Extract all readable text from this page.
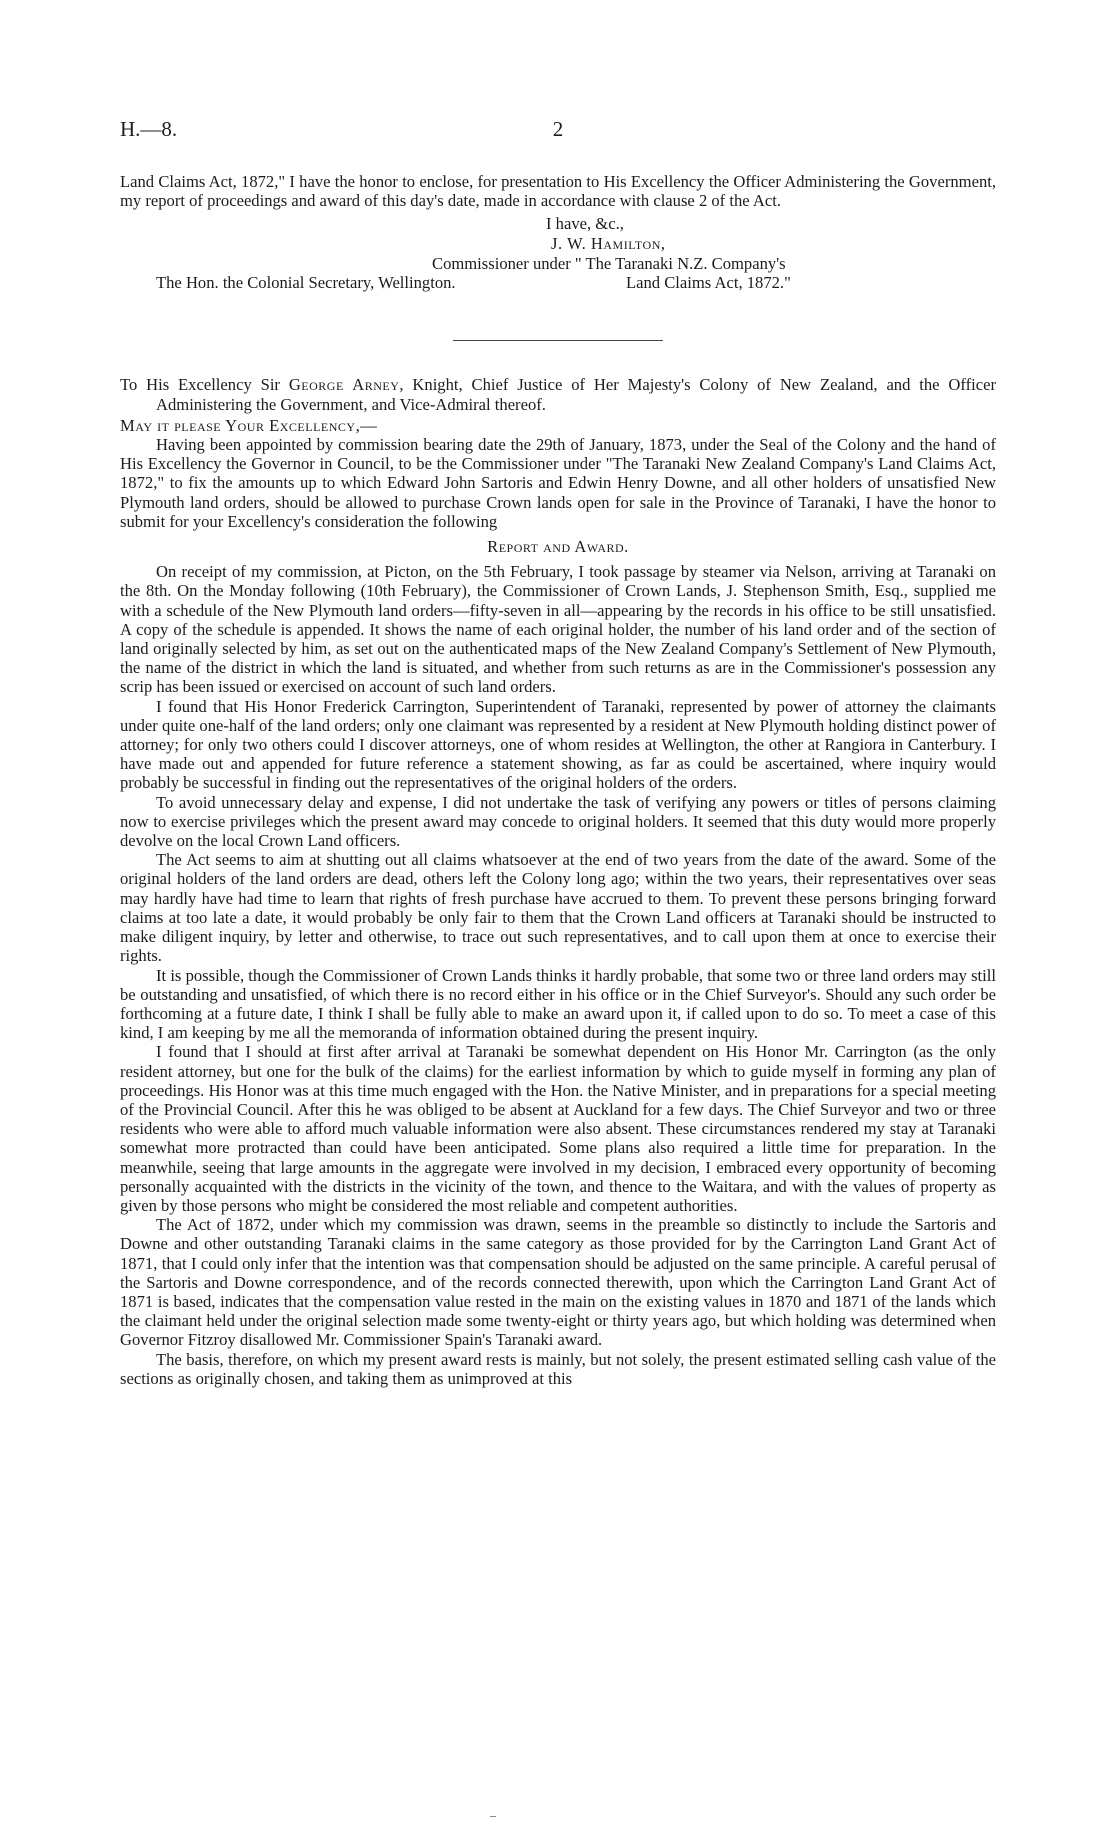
H.—8.	2

Land Claims Act, 1872," I have the honor to enclose, for presentation to His Excellency the Officer Administering the Government, my report of proceedings and award of this day's date, made in accordance with clause 2 of the Act.

I have, &c.,
J. W. Hamilton,
Commissioner under " The Taranaki N.Z. Company's
The Hon. the Colonial Secretary, Wellington.	Land Claims Act, 1872."

To His Excellency Sir George Arney, Knight, Chief Justice of Her Majesty's Colony of New Zealand, and the Officer Administering the Government, and Vice-Admiral thereof.

May it please Your Excellency,—

Having been appointed by commission bearing date the 29th of January, 1873, under the Seal of the Colony and the hand of His Excellency the Governor in Council, to be the Commissioner under "The Taranaki New Zealand Company's Land Claims Act, 1872," to fix the amounts up to which Edward John Sartoris and Edwin Henry Downe, and all other holders of unsatisfied New Plymouth land orders, should be allowed to purchase Crown lands open for sale in the Province of Taranaki, I have the honor to submit for your Excellency's consideration the following

Report and Award.

On receipt of my commission, at Picton, on the 5th February, I took passage by steamer via Nelson, arriving at Taranaki on the 8th. On the Monday following (10th February), the Commissioner of Crown Lands, J. Stephenson Smith, Esq., supplied me with a schedule of the New Plymouth land orders—fifty-seven in all—appearing by the records in his office to be still unsatisfied. A copy of the schedule is appended. It shows the name of each original holder, the number of his land order and of the section of land originally selected by him, as set out on the authenticated maps of the New Zealand Company's Settlement of New Plymouth, the name of the district in which the land is situated, and whether from such returns as are in the Commissioner's possession any scrip has been issued or exercised on account of such land orders.

I found that His Honor Frederick Carrington, Superintendent of Taranaki, represented by power of attorney the claimants under quite one-half of the land orders; only one claimant was represented by a resident at New Plymouth holding distinct power of attorney; for only two others could I discover attorneys, one of whom resides at Wellington, the other at Rangiora in Canterbury. I have made out and appended for future reference a statement showing, as far as could be ascertained, where inquiry would probably be successful in finding out the representatives of the original holders of the orders.

To avoid unnecessary delay and expense, I did not undertake the task of verifying any powers or titles of persons claiming now to exercise privileges which the present award may concede to original holders. It seemed that this duty would more properly devolve on the local Crown Land officers.

The Act seems to aim at shutting out all claims whatsoever at the end of two years from the date of the award. Some of the original holders of the land orders are dead, others left the Colony long ago; within the two years, their representatives over seas may hardly have had time to learn that rights of fresh purchase have accrued to them. To prevent these persons bringing forward claims at too late a date, it would probably be only fair to them that the Crown Land officers at Taranaki should be instructed to make diligent inquiry, by letter and otherwise, to trace out such representatives, and to call upon them at once to exercise their rights.

It is possible, though the Commissioner of Crown Lands thinks it hardly probable, that some two or three land orders may still be outstanding and unsatisfied, of which there is no record either in his office or in the Chief Surveyor's. Should any such order be forthcoming at a future date, I think I shall be fully able to make an award upon it, if called upon to do so. To meet a case of this kind, I am keeping by me all the memoranda of information obtained during the present inquiry.

I found that I should at first after arrival at Taranaki be somewhat dependent on His Honor Mr. Carrington (as the only resident attorney, but one for the bulk of the claims) for the earliest information by which to guide myself in forming any plan of proceedings. His Honor was at this time much engaged with the Hon. the Native Minister, and in preparations for a special meeting of the Provincial Council. After this he was obliged to be absent at Auckland for a few days. The Chief Surveyor and two or three residents who were able to afford much valuable information were also absent. These circumstances rendered my stay at Taranaki somewhat more protracted than could have been anticipated. Some plans also required a little time for preparation. In the meanwhile, seeing that large amounts in the aggregate were involved in my decision, I embraced every opportunity of becoming personally acquainted with the districts in the vicinity of the town, and thence to the Waitara, and with the values of property as given by those persons who might be considered the most reliable and competent authorities.

The Act of 1872, under which my commission was drawn, seems in the preamble so distinctly to include the Sartoris and Downe and other outstanding Taranaki claims in the same category as those provided for by the Carrington Land Grant Act of 1871, that I could only infer that the intention was that compensation should be adjusted on the same principle. A careful perusal of the Sartoris and Downe correspondence, and of the records connected therewith, upon which the Carrington Land Grant Act of 1871 is based, indicates that the compensation value rested in the main on the existing values in 1870 and 1871 of the lands which the claimant held under the original selection made some twenty-eight or thirty years ago, but which holding was determined when Governor Fitzroy disallowed Mr. Commissioner Spain's Taranaki award.

The basis, therefore, on which my present award rests is mainly, but not solely, the present estimated selling cash value of the sections as originally chosen, and taking them as unimproved at this
